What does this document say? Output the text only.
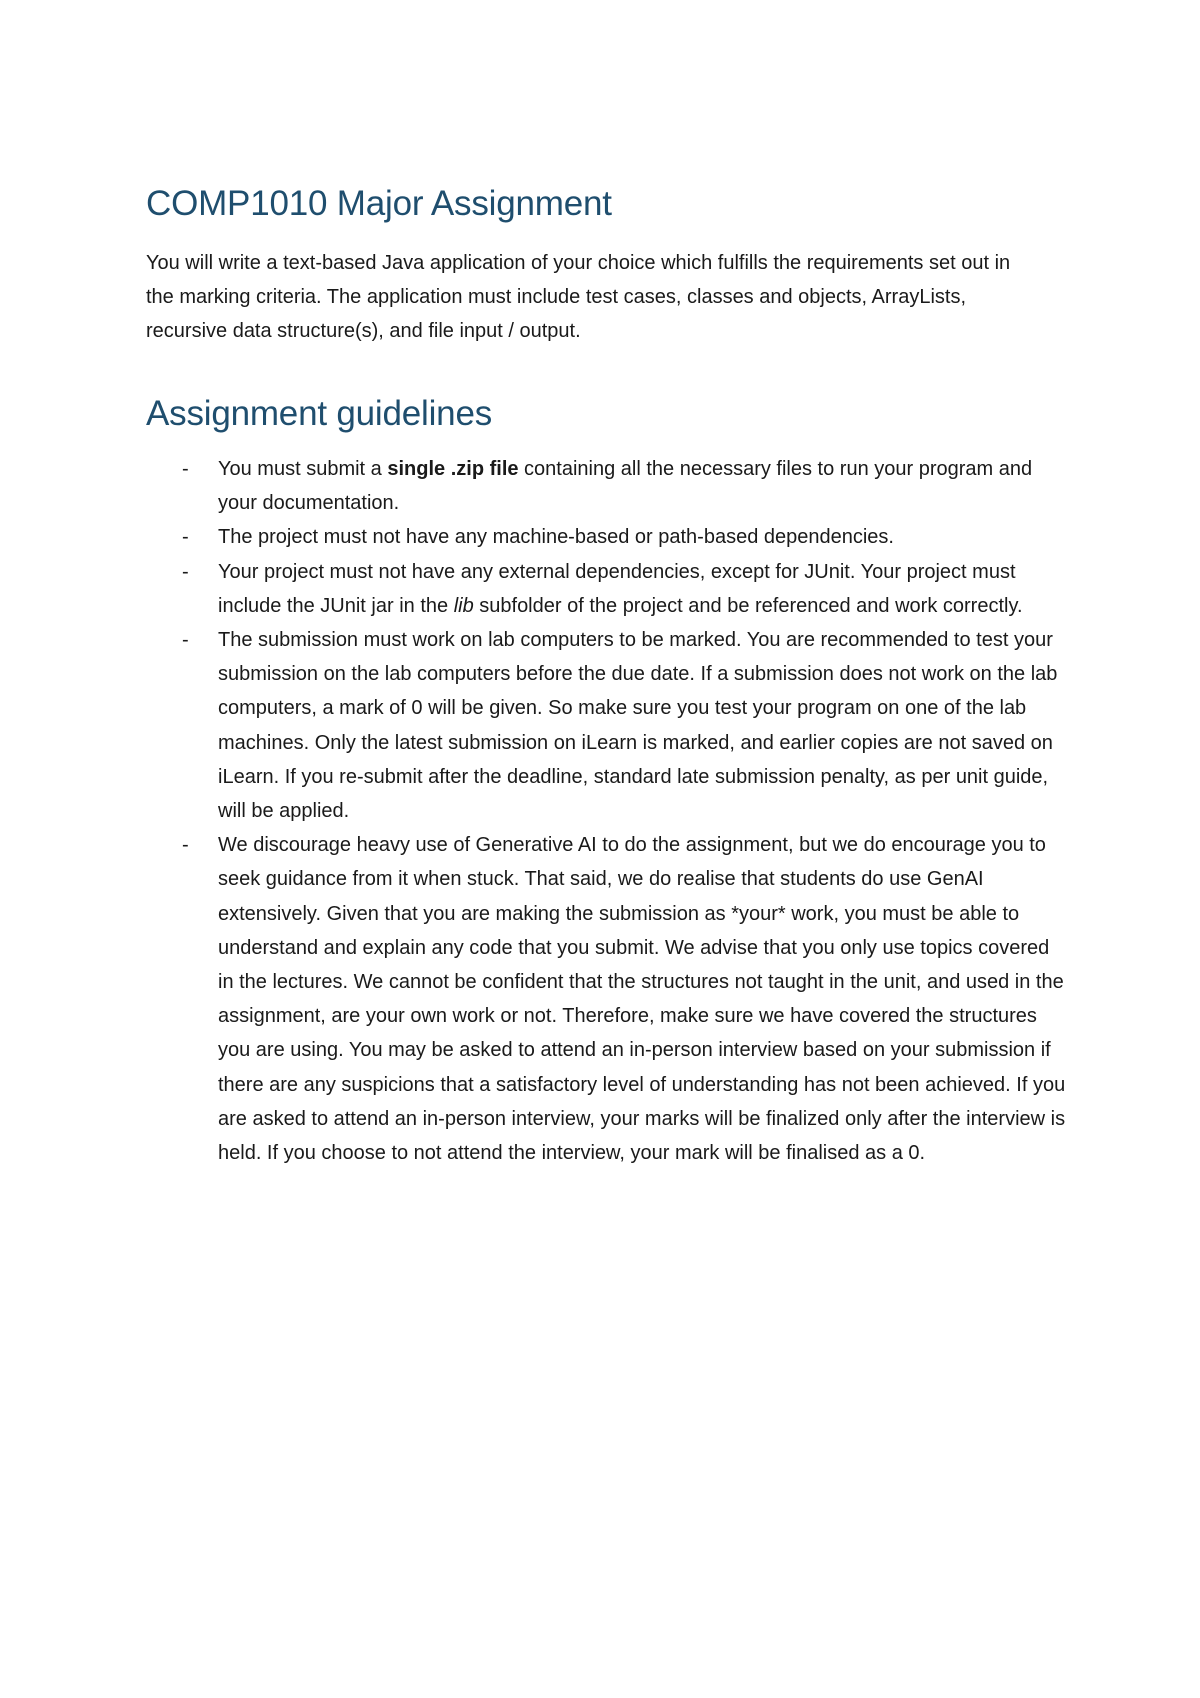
COMP1010 Major Assignment

You will write a text-based Java application of your choice which fulfills the requirements set out in the marking criteria. The application must include test cases, classes and objects, ArrayLists, recursive data structure(s), and file input / output.

Assignment guidelines
- You must submit a single .zip file containing all the necessary files to run your program and your documentation.
- The project must not have any machine-based or path-based dependencies.
- Your project must not have any external dependencies, except for JUnit. Your project must include the JUnit jar in the lib subfolder of the project and be referenced and work correctly.
- The submission must work on lab computers to be marked. You are recommended to test your submission on the lab computers before the due date. If a submission does not work on the lab computers, a mark of 0 will be given. So make sure you test your program on one of the lab machines. Only the latest submission on iLearn is marked, and earlier copies are not saved on iLearn. If you re-submit after the deadline, standard late submission penalty, as per unit guide, will be applied.
- We discourage heavy use of Generative AI to do the assignment, but we do encourage you to seek guidance from it when stuck. That said, we do realise that students do use GenAI extensively. Given that you are making the submission as *your* work, you must be able to understand and explain any code that you submit. We advise that you only use topics covered in the lectures. We cannot be confident that the structures not taught in the unit, and used in the assignment, are your own work or not. Therefore, make sure we have covered the structures you are using. You may be asked to attend an in-person interview based on your submission if there are any suspicions that a satisfactory level of understanding has not been achieved. If you are asked to attend an in-person interview, your marks will be finalized only after the interview is held. If you choose to not attend the interview, your mark will be finalised as a 0.
